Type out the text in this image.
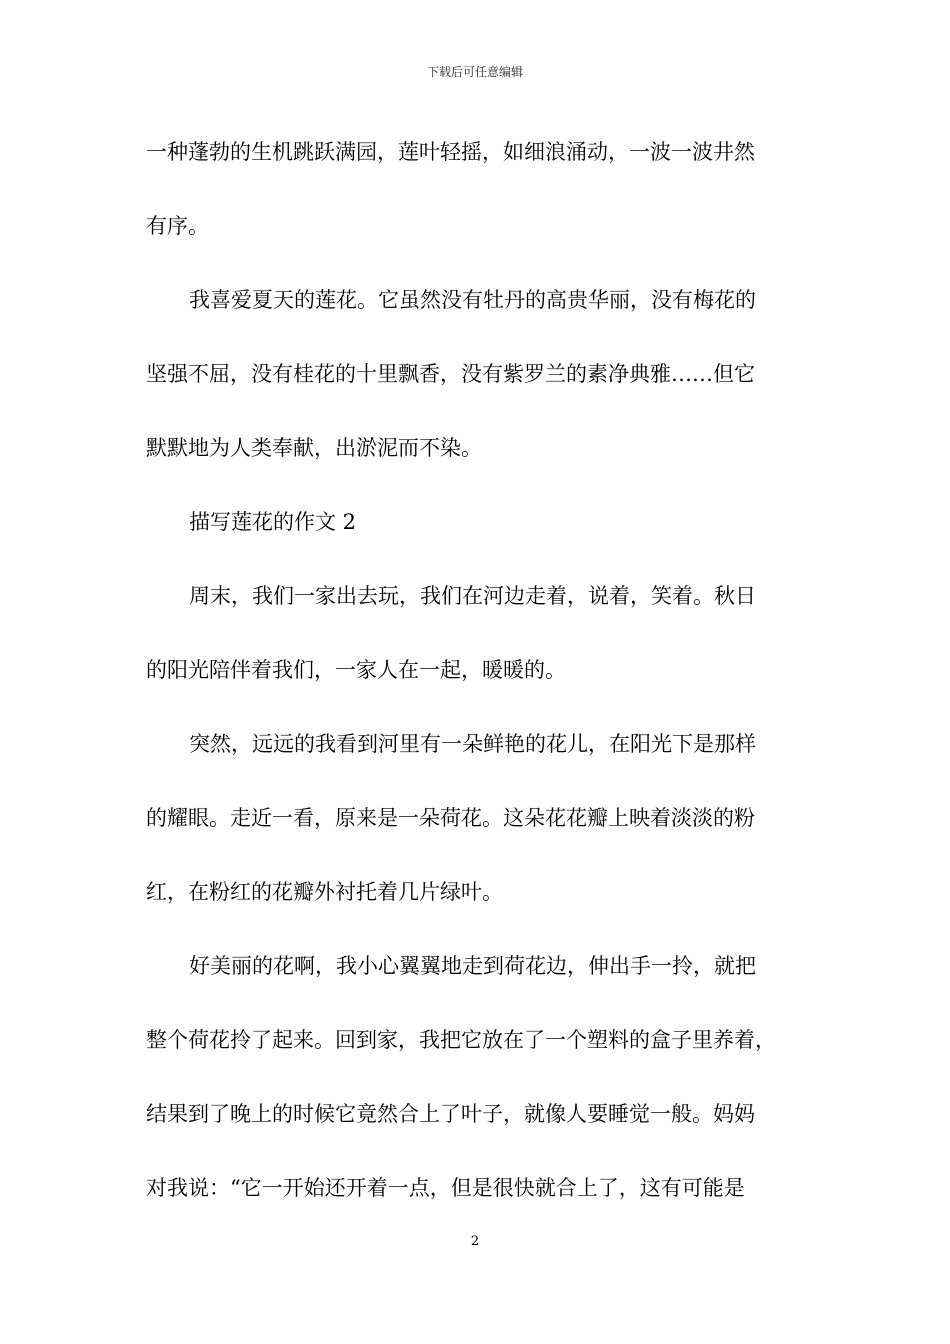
下载后可任意编辑
一种蓬勃的生机跳跃满园，莲叶轻摇，如细浪涌动，一波一波井然
有序。
我喜爱夏天的莲花。它虽然没有牡丹的高贵华丽，没有梅花的
坚强不屈，没有桂花的十里飘香，没有紫罗兰的素净典雅……但它
默默地为人类奉献，出淤泥而不染。
描写莲花的作文 2
周末，我们一家出去玩，我们在河边走着，说着，笑着。秋日
的阳光陪伴着我们，一家人在一起，暖暖的。
突然，远远的我看到河里有一朵鲜艳的花儿，在阳光下是那样
的耀眼。走近一看，原来是一朵荷花。这朵花花瓣上映着淡淡的粉
红，在粉红的花瓣外衬托着几片绿叶。
好美丽的花啊，我小心翼翼地走到荷花边，伸出手一拎，就把
整个荷花拎了起来。回到家，我把它放在了一个塑料的盒子里养着，
结果到了晚上的时候它竟然合上了叶子，就像人要睡觉一般。妈妈
对我说：“它一开始还开着一点，但是很快就合上了，这有可能是
2
